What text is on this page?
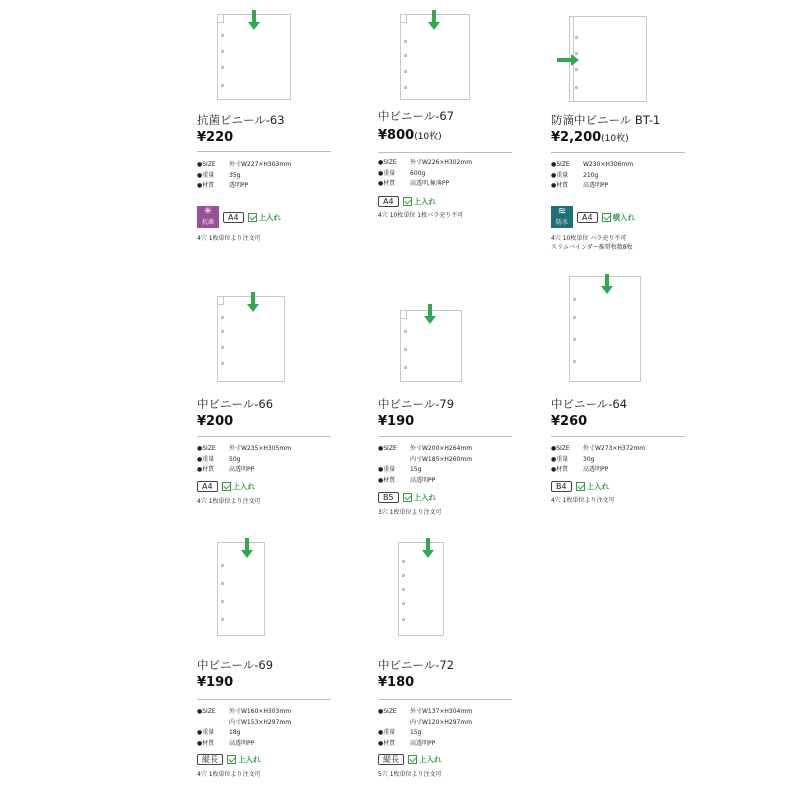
抗菌ビニール-63
¥220
●SIZE 外寸W227×H303mm
●重量 35g
●材質 透明PP
✳
抗菌
A4	上入れ
4穴 1枚単位より注文可
中ビニール-67
¥800(10枚)
●SIZE 外寸W226×H302mm
●重量 600g
●材質 高透明,極薄PP
A4	上入れ
4穴 10枚単位 1枚バラ売り不可
防滴中ビニール BT-1
¥2,200(10枚)
●SIZE W230×H306mm
●重量 210g
●材質 高透明PP
≋
防水
A4	横入れ
4穴 10枚単位 バラ売り不可
スリムバインダー推奨枚数8枚
中ビニール-66
¥200
●SIZE 外寸W235×H305mm
●重量 50g
●材質 高透明PP
A4	上入れ
4穴 1枚単位より注文可
中ビニール-79
¥190
●SIZE 外寸W200×H264mm
内寸W185×H260mm
●重量 15g
●材質 高透明PP
B5	上入れ
3穴 1枚単位より注文可
中ビニール-64
¥260
●SIZE 外寸W273×H372mm
●重量 30g
●材質 高透明PP
B4	上入れ
4穴 1枚単位より注文可
中ビニール-69
¥190
●SIZE 外寸W160×H303mm
内寸W153×H297mm
●重量 18g
●材質 高透明PP
縦長	上入れ
4穴 1枚単位より注文可
中ビニール-72
¥180
●SIZE 外寸W137×H304mm
内寸W120×H297mm
●重量 15g
●材質 高透明PP
縦長	上入れ
5穴 1枚単位より注文可
